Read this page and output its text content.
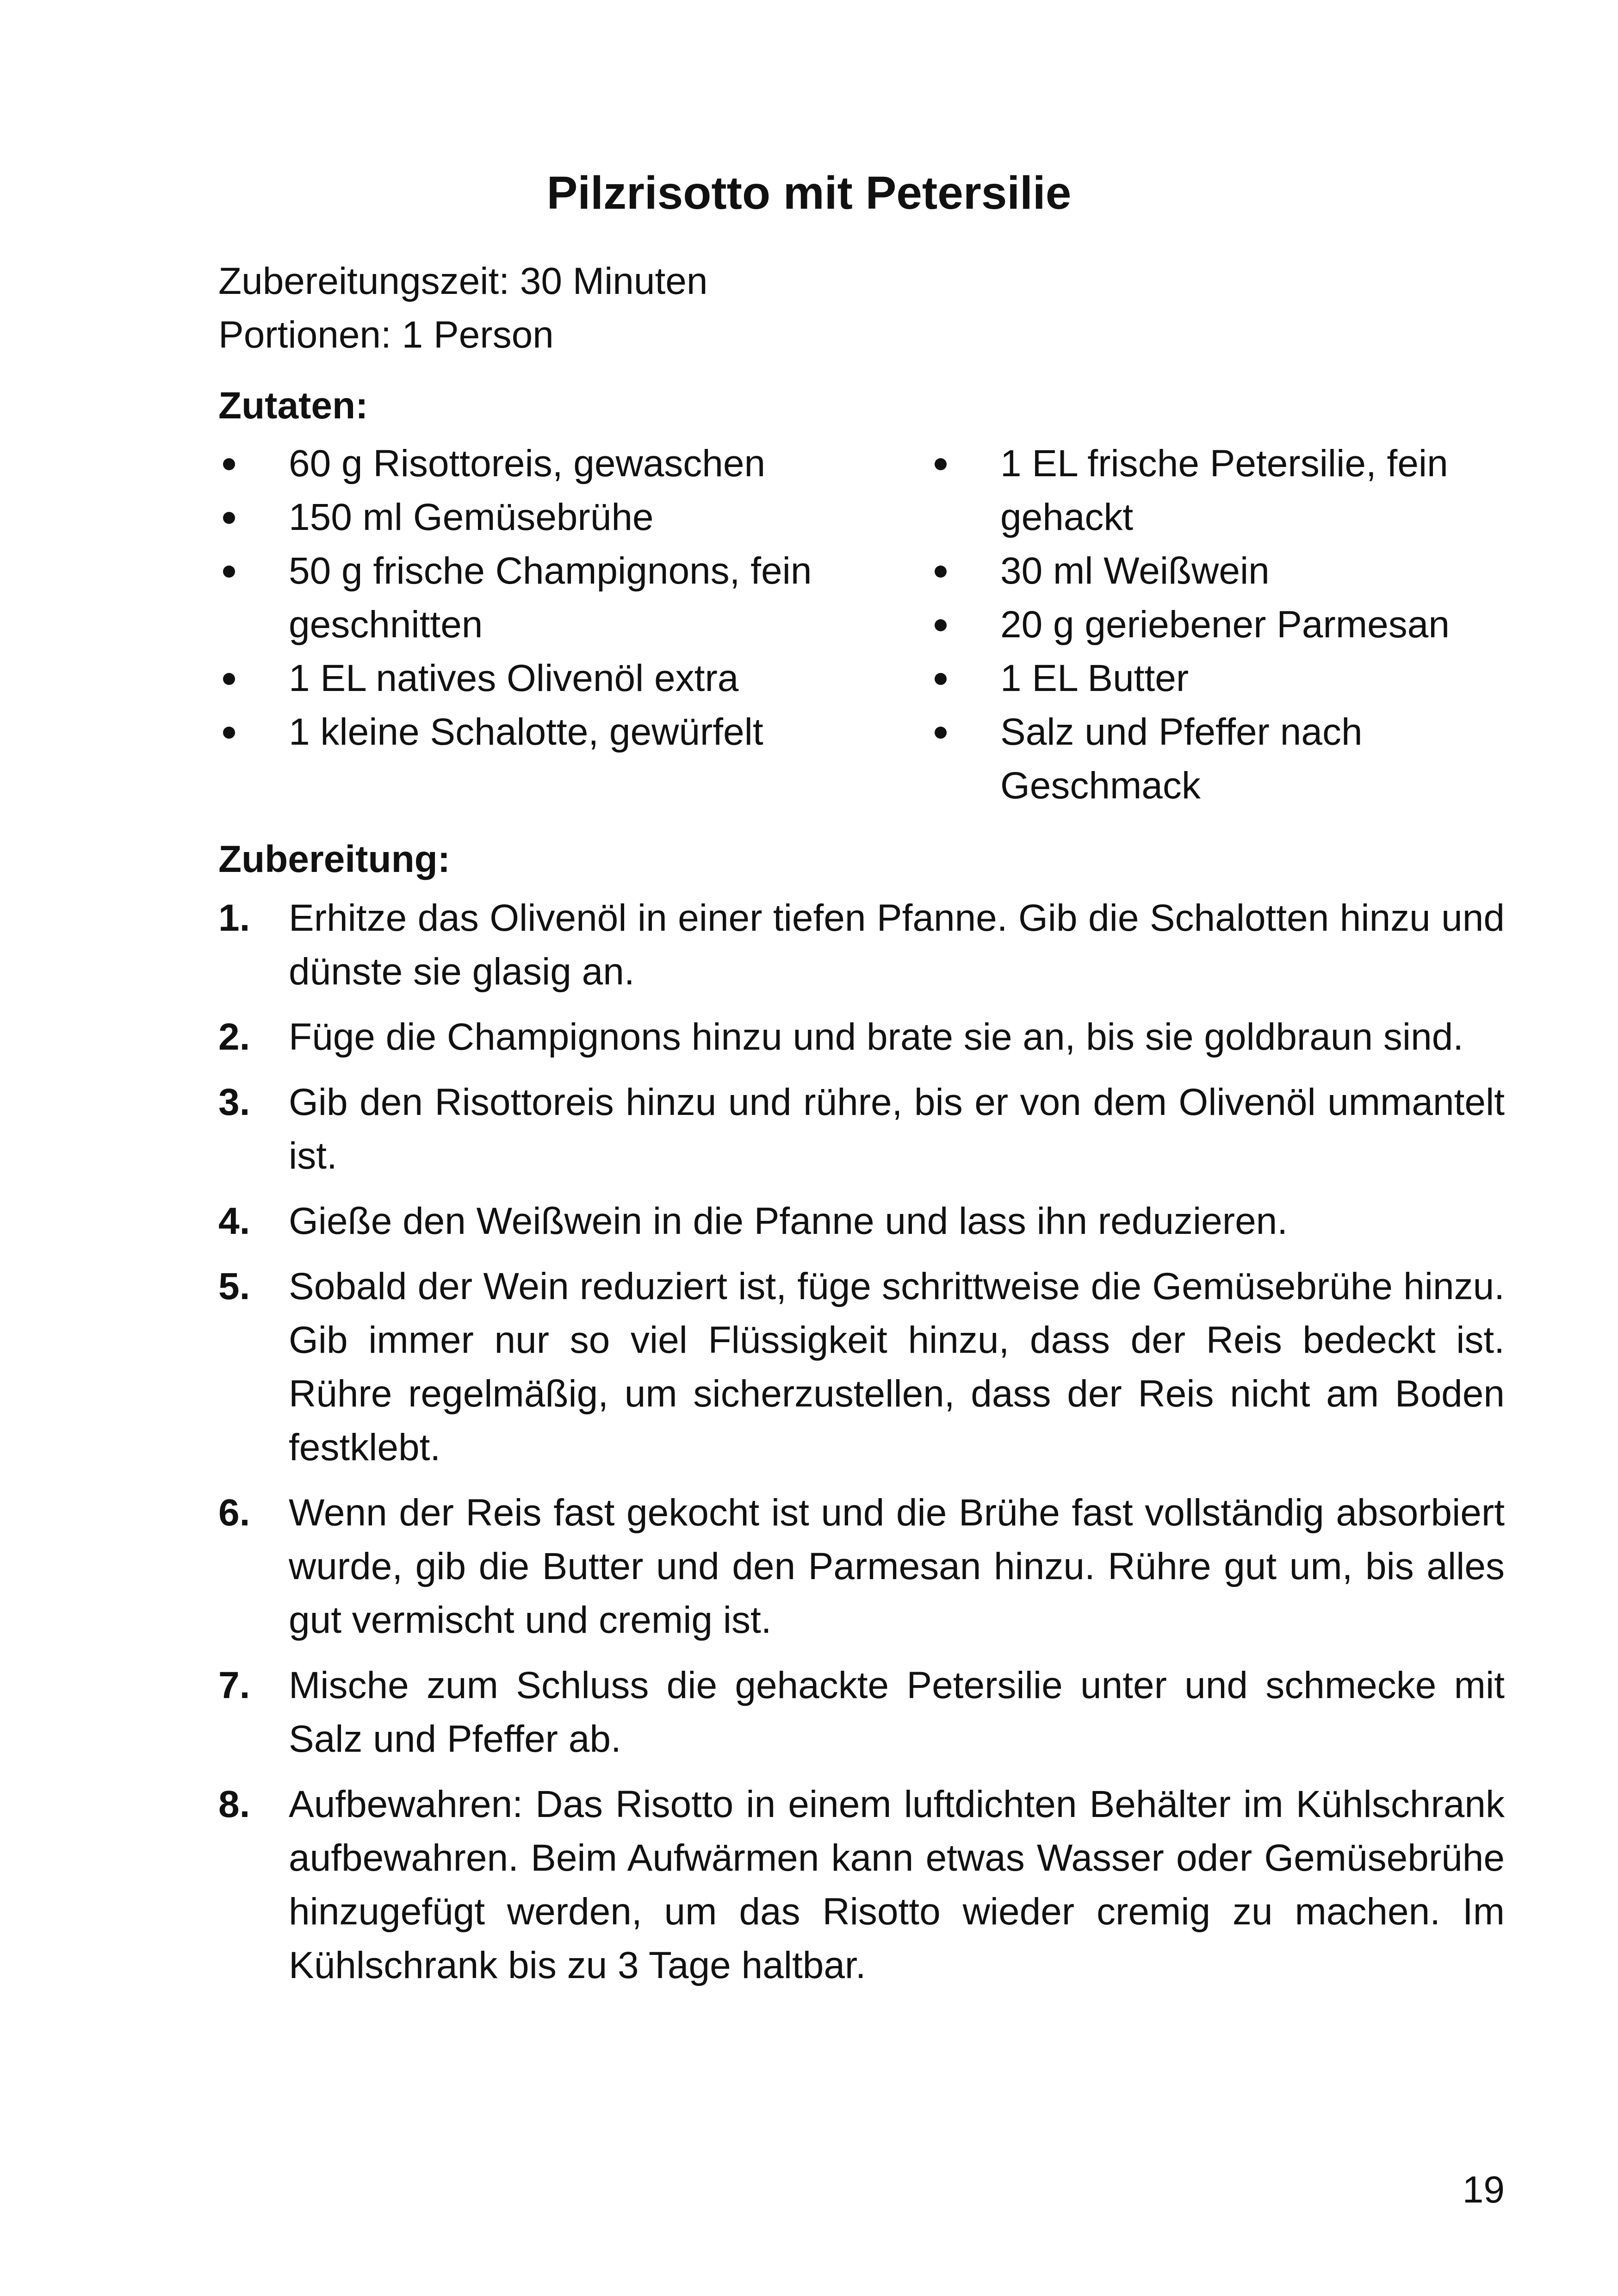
Pilzrisotto mit Petersilie
Zubereitungszeit: 30 Minuten
Portionen: 1 Person
Zutaten:
60 g Risottoreis, gewaschen
150 ml Gemüsebrühe
50 g frische Champignons, fein geschnitten
1 EL natives Olivenöl extra
1 kleine Schalotte, gewürfelt
1 EL frische Petersilie, fein gehackt
30 ml Weißwein
20 g geriebener Parmesan
1 EL Butter
Salz und Pfeffer nach Geschmack
Zubereitung:
1. Erhitze das Olivenöl in einer tiefen Pfanne. Gib die Schalotten hinzu und dünste sie glasig an.
2. Füge die Champignons hinzu und brate sie an, bis sie goldbraun sind.
3. Gib den Risottoreis hinzu und rühre, bis er von dem Olivenöl ummantelt ist.
4. Gieße den Weißwein in die Pfanne und lass ihn reduzieren.
5. Sobald der Wein reduziert ist, füge schrittweise die Gemüsebrühe hinzu. Gib immer nur so viel Flüssigkeit hinzu, dass der Reis bedeckt ist. Rühre regelmäßig, um sicherzustellen, dass der Reis nicht am Boden festklebt.
6. Wenn der Reis fast gekocht ist und die Brühe fast vollständig absorbiert wurde, gib die Butter und den Parmesan hinzu. Rühre gut um, bis alles gut vermischt und cremig ist.
7. Mische zum Schluss die gehackte Petersilie unter und schmecke mit Salz und Pfeffer ab.
8. Aufbewahren: Das Risotto in einem luftdichten Behälter im Kühlschrank aufbewahren. Beim Aufwärmen kann etwas Wasser oder Gemüsebrühe hinzugefügt werden, um das Risotto wieder cremig zu machen. Im Kühlschrank bis zu 3 Tage haltbar.
19
